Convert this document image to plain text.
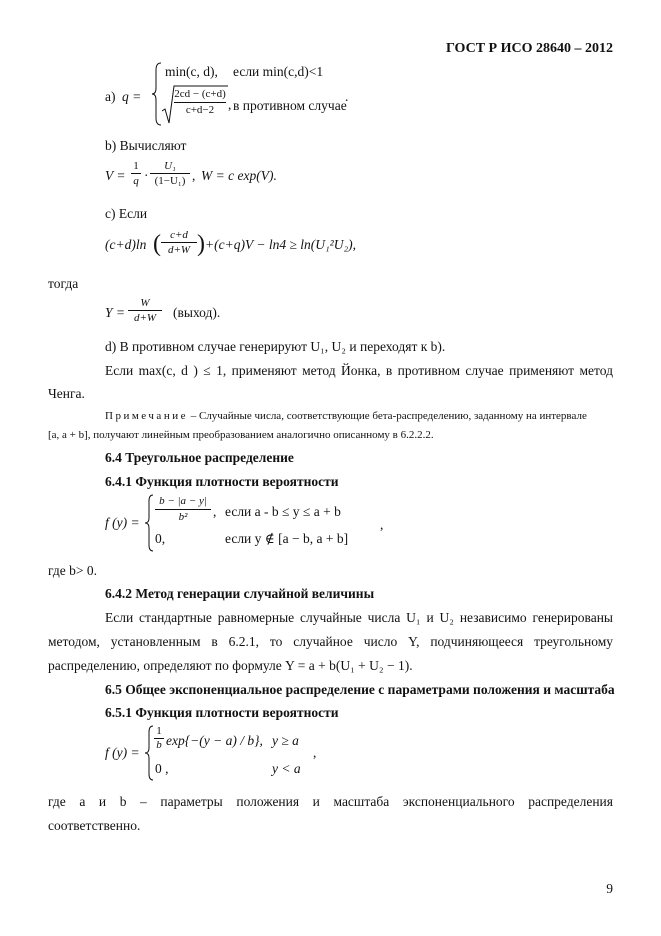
ГОСТ Р ИСО 28640 – 2012
а) q =
min(c, d), если min(c,d)<1
$\frac{2cd - (c+d)}{c+d-2}$ , в противном случае
.
b) Вычисляют
$V = \frac{1}{q} \cdot \frac{\text{U₁}}{\text{(1−U₁)}}$ , W = c exp(V).
c) Если
(c+d)ln ( $\frac{c+d}{d+W}$ ) +(c+q)V − ln4 ≥ ln(U₁²U₂),
тогда
$Y = \frac{W}{d+W}$ (выход).
d) В противном случае генерируют U₁, U₂ и переходят к b).
Если max(c, d ) ≤ 1, применяют метод Йонка, в противном случае применяют метод
Ченга.
Примечание – Случайные числа, соответствующие бета-распределению, заданному на интервале
[a, a + b], получают линейным преобразованием аналогично описанному в 6.2.2.2.
6.4 Треугольное распределение
6.4.1 Функция плотности вероятности
f $(y) = \frac{b - |a - y|}{\text{b²}}$ , если a - b ≤ y ≤ a + b
0,	если y ∉ [a − b, a + b]
,
где b> 0.
6.4.2 Метод генерации случайной величины
Если стандартные равномерные случайные числа U₁ и U₂ независимо генерированы
методом, установленным в 6.2.1, то случайное число Y, подчиняющееся треугольному
распределению, определяют по формуле Y = a + b(U₁ + U₂ − 1).
6.5 Общее экспоненциальное распределение с параметрами положения и масштаба
6.5.1 Функция плотности вероятности
f (y) =
1
b exp{−(y − a) / b}, y ≥ a
0 ,	y < a
,
где a и b – параметры положения и масштаба экспоненциального распределения
соответственно.
9
